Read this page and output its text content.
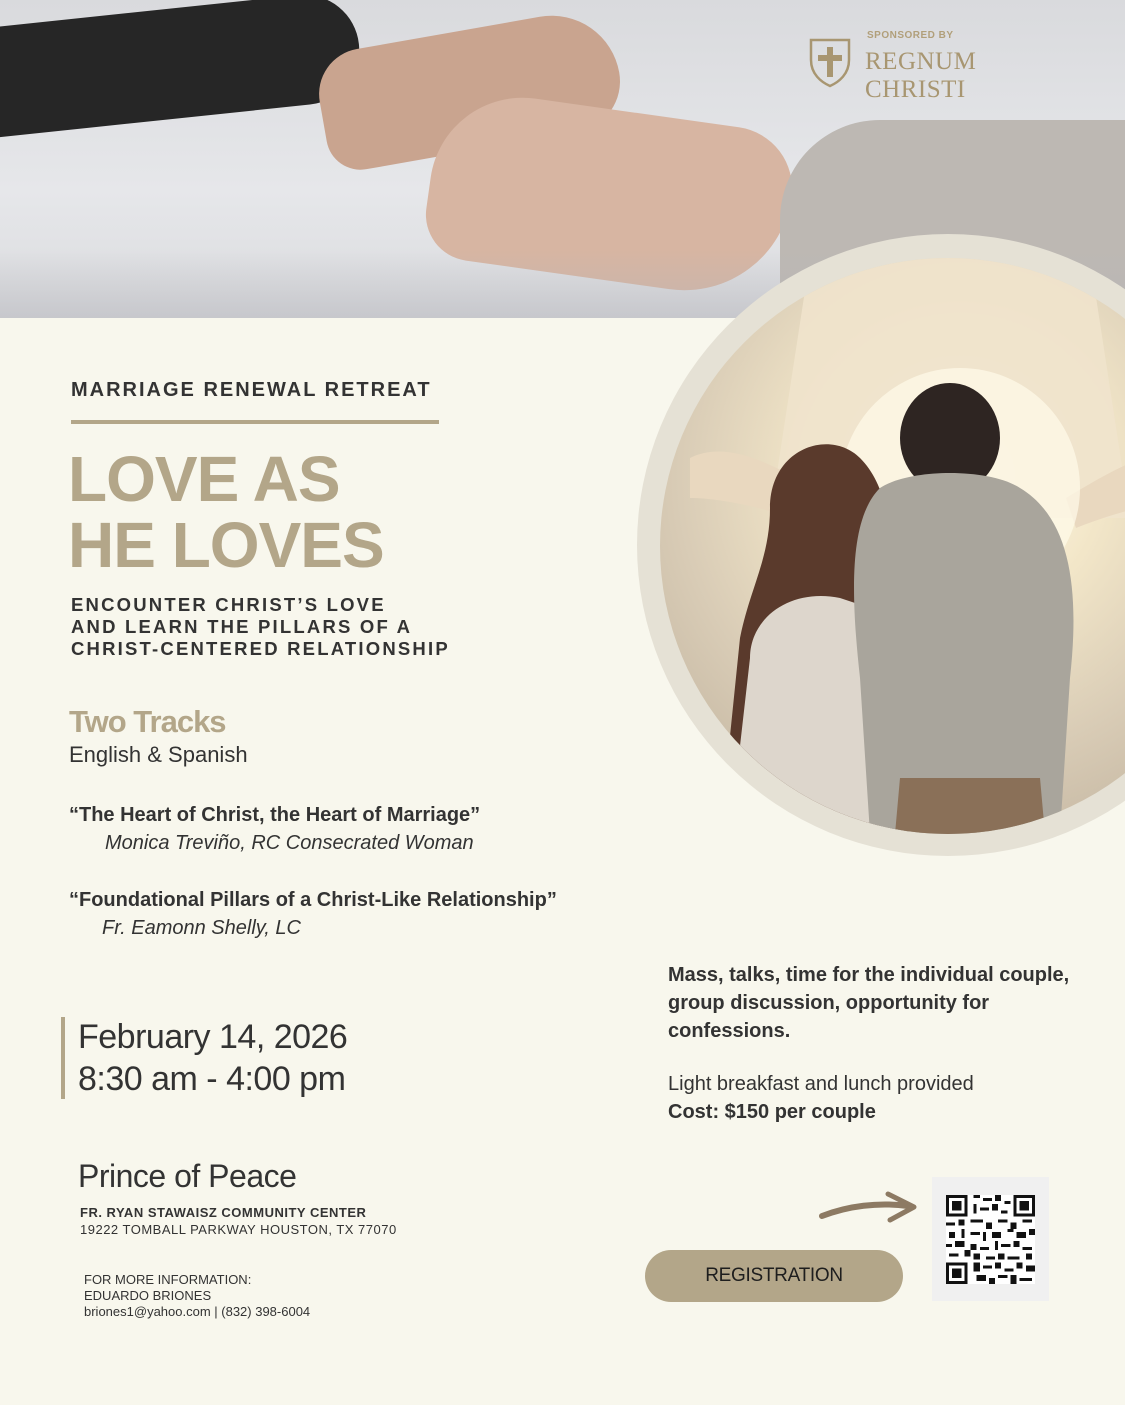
SPONSORED BY
REGNUM CHRISTI
MARRIAGE RENEWAL RETREAT
LOVE AS
HE LOVES
ENCOUNTER CHRIST’S LOVE
AND LEARN THE PILLARS OF A
CHRIST-CENTERED RELATIONSHIP
Two Tracks
English & Spanish
“The Heart of Christ, the Heart of Marriage”
Monica Treviño, RC Consecrated Woman
“Foundational Pillars of a Christ-Like Relationship”
Fr. Eamonn Shelly, LC
February 14, 2026
8:30 am - 4:00 pm
Prince of Peace
FR. RYAN STAWAISZ COMMUNITY CENTER
19222 TOMBALL PARKWAY HOUSTON, TX 77070
FOR MORE INFORMATION:
EDUARDO BRIONES
briones1@yahoo.com | (832) 398-6004
Mass, talks, time for the individual couple, group discussion, opportunity for confessions.
Light breakfast and lunch provided
Cost: $150 per couple
REGISTRATION
